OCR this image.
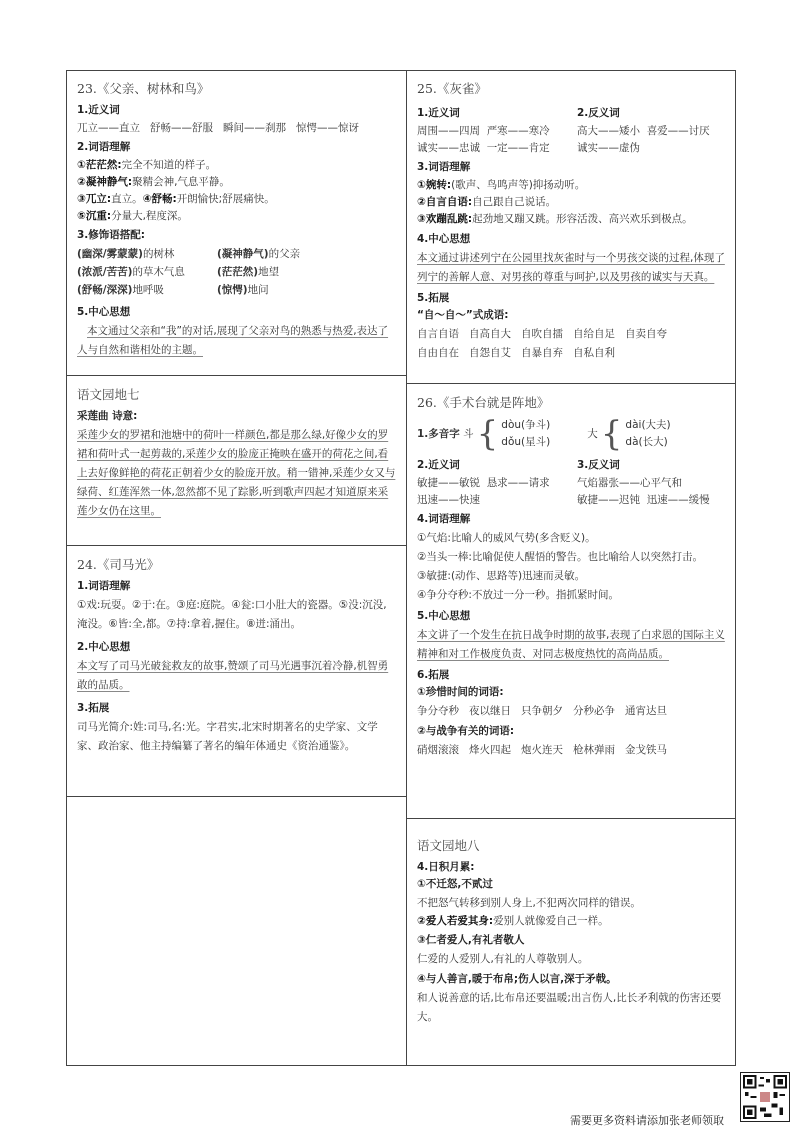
23.《父亲、树林和鸟》
1.近义词
兀立——直立 舒畅——舒服 瞬间——刹那 惊愕——惊讶
2.词语理解
①茫茫然:完全不知道的样子。
②凝神静气:聚精会神,气息平静。
③兀立:直立。④舒畅:开朗愉快;舒展痛快。
⑤沉重:分量大,程度深。
3.修饰语搭配:
(幽深/雾蒙蒙)的树林	(凝神静气)的父亲
(浓派/苦苦)的草木气息	(茫茫然)地望
(舒畅/深深)地呼吸	(惊愕)地问
5.中心思想
本文通过父亲和“我”的对话,展现了父亲对鸟的熟悉与热爱,表达了人与自然和谐相处的主题。
语文园地七
采莲曲 诗意:
采莲少女的罗裙和池塘中的荷叶一样颜色,都是那么绿,好像少女的罗裙和荷叶式一起剪裁的,采莲少女的脸庞正掩映在盛开的荷花之间,看上去好像鲜艳的荷花正朝着少女的脸庞开放。稍一错神,采莲少女又与绿荷、红莲浑然一体,忽然都不见了踪影,听到歌声四起才知道原来采莲少女仍在这里。
24.《司马光》
1.词语理解
①戏:玩耍。②于:在。③庭:庭院。④瓮:口小肚大的瓷器。⑤没:沉没,淹没。⑥皆:全,都。⑦持:拿着,握住。⑧迸:涌出。
2.中心思想
本文写了司马光破瓮救友的故事,赞颂了司马光遇事沉着冷静,机智勇敢的品质。
3.拓展
司马光简介:姓:司马,名:光。字君实,北宋时期著名的史学家、文学家、政治家、他主持编纂了著名的编年体通史《资治通鉴》。
25.《灰雀》
1.近义词
周围——四周 严寒——寒冷
诚实——忠诚 一定——肯定
2.反义词
高大——矮小 喜爱——讨厌
诚实——虚伪
3.词语理解
①婉转:(歌声、鸟鸣声等)抑扬动听。
②自言自语:自己跟自己说话。
③欢蹦乱跳:起劲地又蹦又跳。形容活泼、高兴欢乐到极点。
4.中心思想
本文通过讲述列宁在公园里找灰雀时与一个男孩交谈的过程,体现了列宁的善解人意、对男孩的尊重与呵护,以及男孩的诚实与天真。
5.拓展
“自～自～”式成语:
自言自语 自高自大 自吹自擂 自给自足 自卖自夸
自由自在 自怨自艾 自暴自弃 自私自利
26.《手术台就是阵地》
1.多音字
斗 { dòu(争斗)
dǒu(星斗)
大 { dài(大夫)
dà(长大)
2.近义词
敏捷——敏锐 恳求——请求
迅速——快速
3.反义词
气焰嚣张——心平气和
敏捷——迟钝 迅速——缓慢
4.词语理解
①气焰:比喻人的威风气势(多含贬义)。
②当头一棒:比喻促使人醒悟的警告。也比喻给人以突然打击。
③敏捷:(动作、思路等)迅速而灵敏。
④争分夺秒:不放过一分一秒。指抓紧时间。
5.中心思想
本文讲了一个发生在抗日战争时期的故事,表现了白求恩的国际主义精神和对工作极度负责、对同志极度热忱的高尚品质。
6.拓展
①珍惜时间的词语:
争分夺秒 夜以继日 只争朝夕 分秒必争 通宵达旦
②与战争有关的词语:
硝烟滚滚 烽火四起 炮火连天 枪林弹雨 金戈铁马
语文园地八
4.日积月累:
①不迁怒,不贰过
不把怒气转移到别人身上,不犯两次同样的错误。
②爱人若爱其身:爱别人就像爱自己一样。
③仁者爱人,有礼者敬人
仁爱的人爱别人,有礼的人尊敬别人。
④与人善言,暖于布帛;伤人以言,深于矛戟。
和人说善意的话,比布帛还要温暖;出言伤人,比长矛利戟的伤害还要大。
需要更多资料请添加张老师领取
